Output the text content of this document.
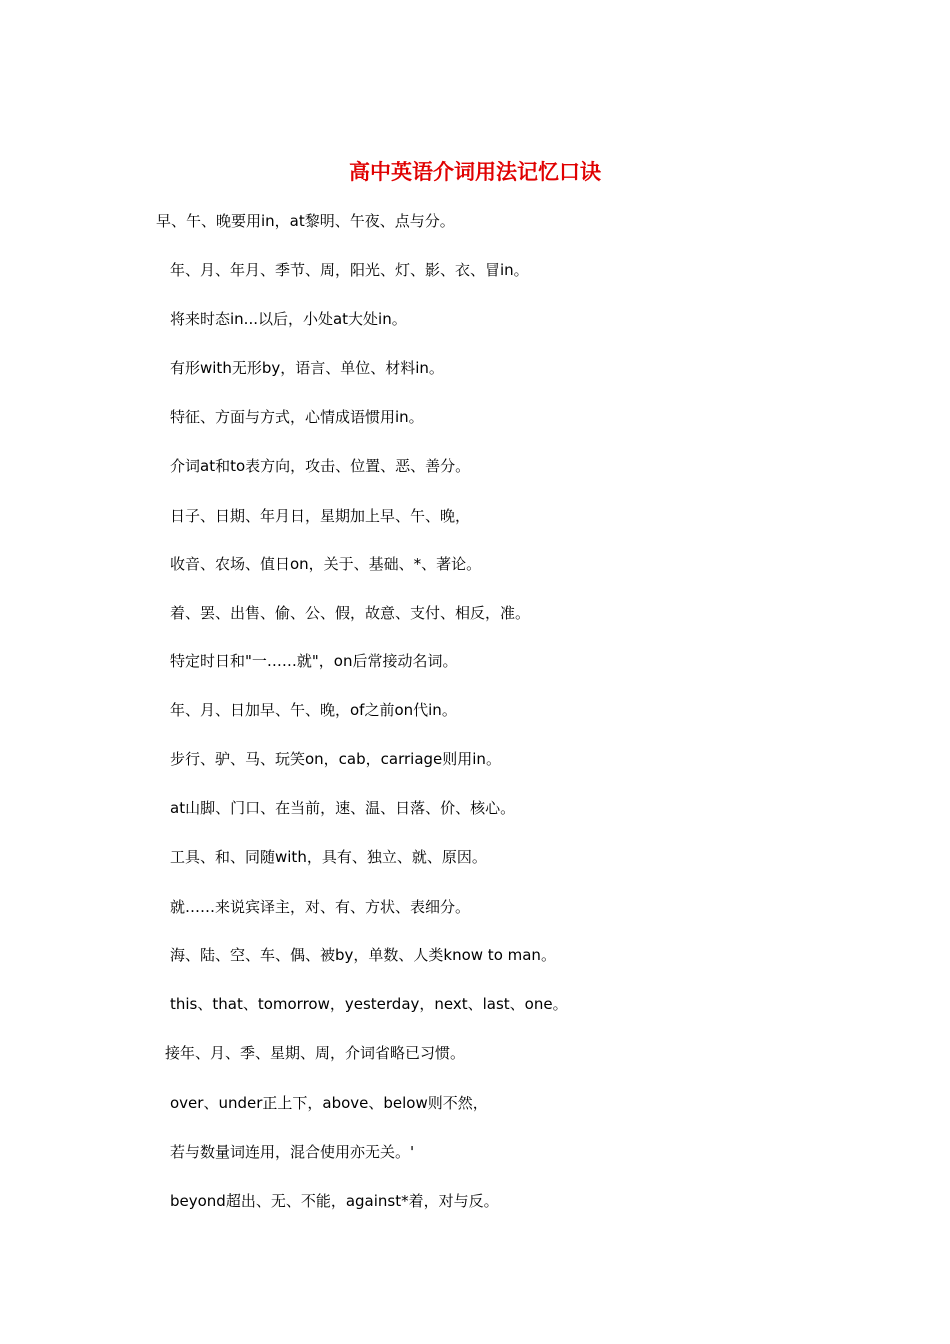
高中英语介词用法记忆口诀
早、午、晚要用in，at黎明、午夜、点与分。
年、月、年月、季节、周，阳光、灯、影、衣、冒in。
将来时态in...以后，小处at大处in。
有形with无形by，语言、单位、材料in。
特征、方面与方式，心情成语惯用in。
介词at和to表方向，攻击、位置、恶、善分。
日子、日期、年月日，星期加上早、午、晚，
收音、农场、值日on，关于、基础、*、著论。
着、罢、出售、偷、公、假，故意、支付、相反，准。
特定时日和"一……就"，on后常接动名词。
年、月、日加早、午、晚，of之前on代in。
步行、驴、马、玩笑on，cab，carriage则用in。
at山脚、门口、在当前，速、温、日落、价、核心。
工具、和、同随with，具有、独立、就、原因。
就……来说宾译主，对、有、方状、表细分。
海、陆、空、车、偶、被by，单数、人类know to man。
this、that、tomorrow，yesterday，next、last、one。
接年、月、季、星期、周，介词省略已习惯。
over、under正上下，above、below则不然，
若与数量词连用，混合使用亦无关。'
beyond超出、无、不能，against*着，对与反。
